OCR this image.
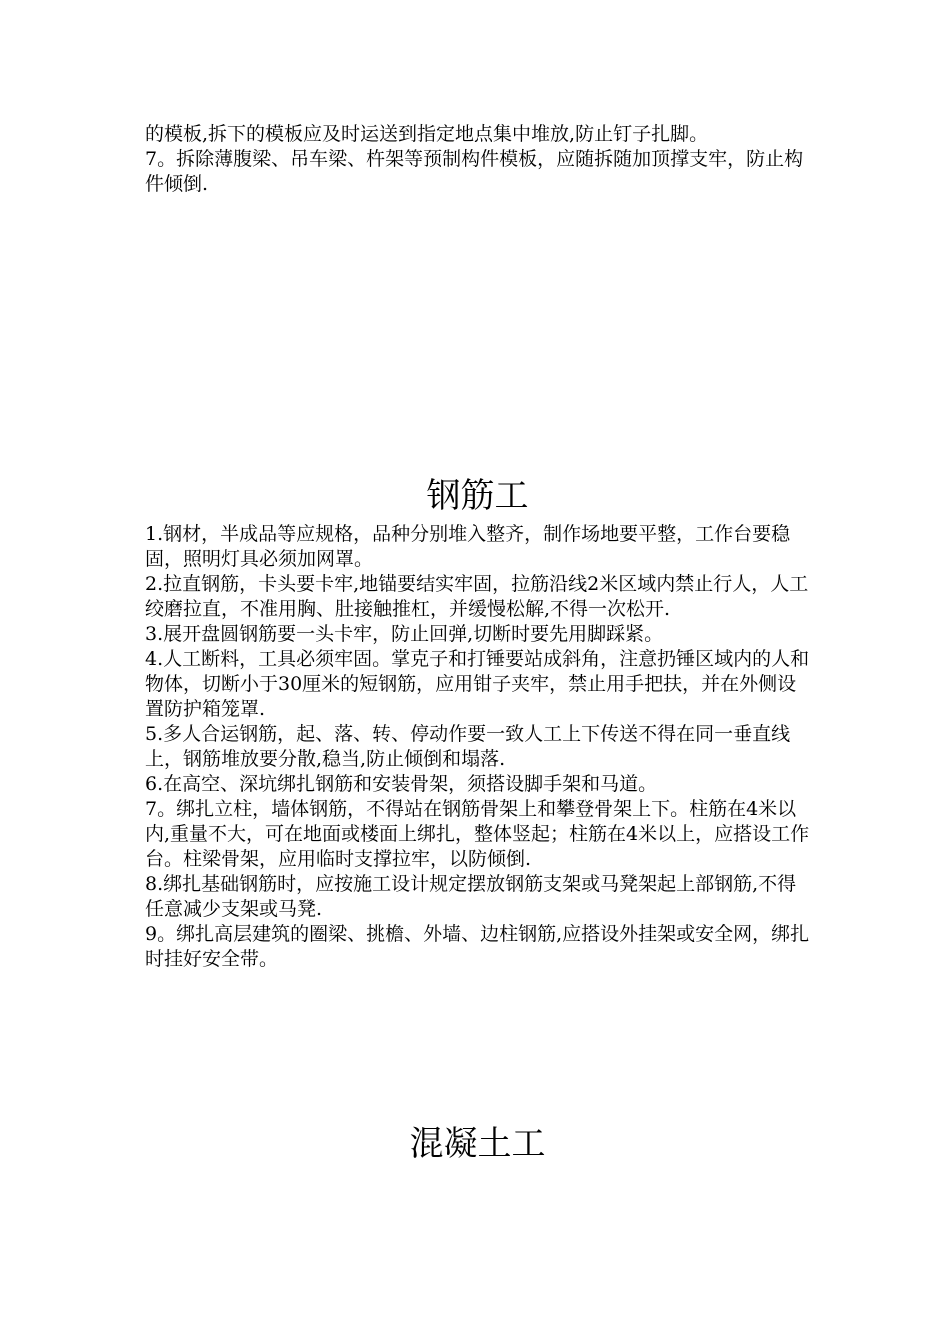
的模板,拆下的模板应及时运送到指定地点集中堆放,防止钉子扎脚。

7。拆除薄腹梁、吊车梁、杵架等预制构件模板，应随拆随加顶撑支牢，防止构件倾倒.

钢筋工

1.钢材，半成品等应规格，品种分别堆入整齐，制作场地要平整，工作台要稳固，照明灯具必须加网罩。

2.拉直钢筋，卡头要卡牢,地锚要结实牢固，拉筋沿线2米区域内禁止行人，人工绞磨拉直，不准用胸、肚接触推杠，并缓慢松解,不得一次松开.

3.展开盘圆钢筋要一头卡牢，防止回弹,切断时要先用脚踩紧。

4.人工断料，工具必须牢固。掌克子和打锤要站成斜角，注意扔锤区域内的人和物体，切断小于30厘米的短钢筋，应用钳子夹牢，禁止用手把扶，并在外侧设置防护箱笼罩.

5.多人合运钢筋，起、落、转、停动作要一致人工上下传送不得在同一垂直线上，钢筋堆放要分散,稳当,防止倾倒和塌落.

6.在高空、深坑绑扎钢筋和安装骨架，须搭设脚手架和马道。

7。绑扎立柱，墙体钢筋，不得站在钢筋骨架上和攀登骨架上下。柱筋在4米以内,重量不大，可在地面或楼面上绑扎，整体竖起；柱筋在4米以上，应搭设工作台。柱梁骨架，应用临时支撑拉牢，以防倾倒.

8.绑扎基础钢筋时，应按施工设计规定摆放钢筋支架或马凳架起上部钢筋,不得任意减少支架或马凳.

9。绑扎高层建筑的圈梁、挑檐、外墙、边柱钢筋,应搭设外挂架或安全网，绑扎时挂好安全带。

混凝土工
